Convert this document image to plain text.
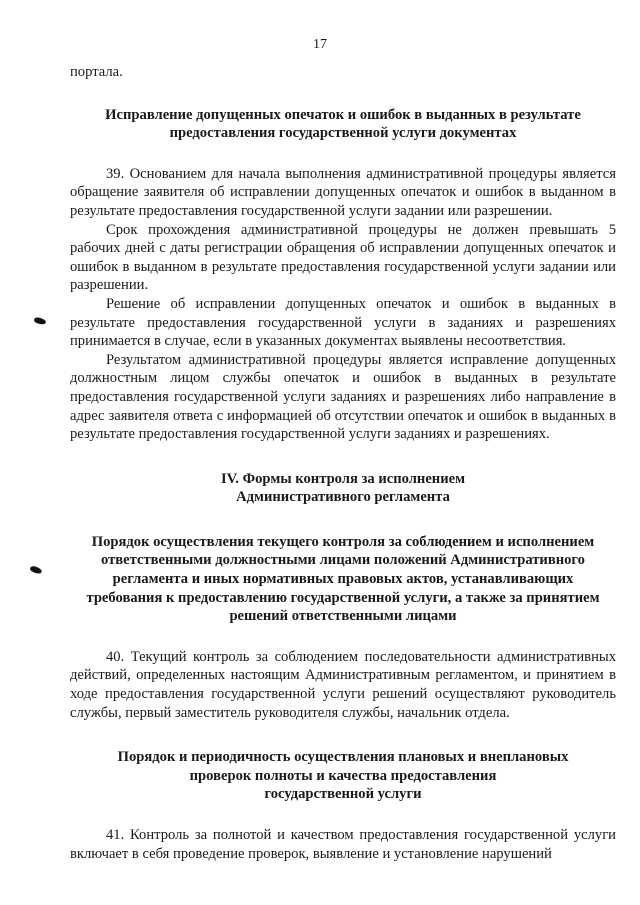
17

портала.

Исправление допущенных опечаток и ошибок в выданных в результате
предоставления государственной услуги документах

39. Основанием для начала выполнения административной процедуры является обращение заявителя об исправлении допущенных опечаток и ошибок в выданном в результате предоставления государственной услуги задании или разрешении.

Срок прохождения административной процедуры не должен превышать 5 рабочих дней с даты регистрации обращения об исправлении допущенных опечаток и ошибок в выданном в результате предоставления государственной услуги задании или разрешении.

Решение об исправлении допущенных опечаток и ошибок в выданных в результате предоставления государственной услуги в заданиях и разрешениях принимается в случае, если в указанных документах выявлены несоответствия.

Результатом административной процедуры является исправление допущенных должностным лицом службы опечаток и ошибок в выданных в результате предоставления государственной услуги заданиях и разрешениях либо направление в адрес заявителя ответа с информацией об отсутствии опечаток и ошибок в выданных в результате предоставления государственной услуги заданиях и разрешениях.

IV. Формы контроля за исполнением
Административного регламента
Порядок осуществления текущего контроля за соблюдением и исполнением
ответственными должностными лицами положений Административного
регламента и иных нормативных правовых актов, устанавливающих
требования к предоставлению государственной услуги, а также за принятием
решений ответственными лицами

40. Текущий контроль за соблюдением последовательности административных действий, определенных настоящим Административным регламентом, и принятием в ходе предоставления государственной услуги решений осуществляют руководитель службы, первый заместитель руководителя службы, начальник отдела.

Порядок и периодичность осуществления плановых и внеплановых
проверок полноты и качества предоставления
государственной услуги

41. Контроль за полнотой и качеством предоставления государственной услуги включает в себя проведение проверок, выявление и установление нарушений
